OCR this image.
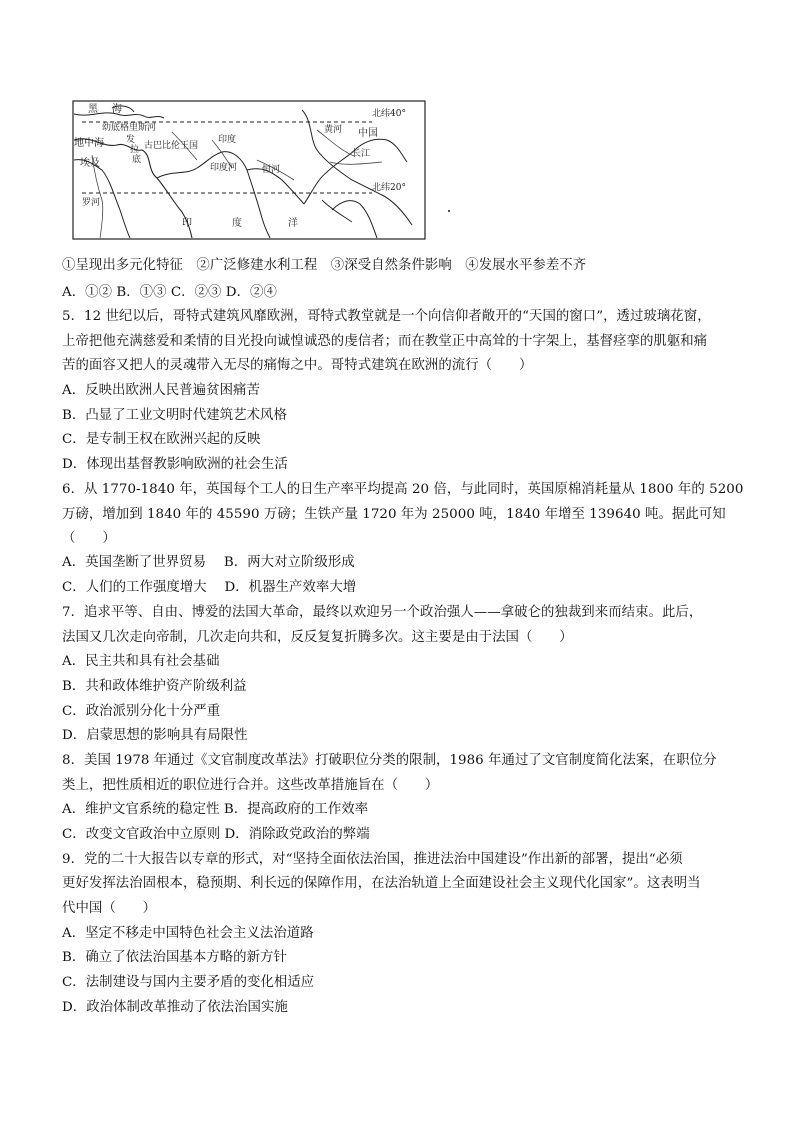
黑 海
幼底格里斯河
地中海 发
拉
底
古巴比伦王国
埃及
罗河
印度
印度河	恒河
黄河 中国
长江
印	度	洋
北纬40°
北纬20°
①呈现出多元化特征　②广泛修建水利工程　③深受自然条件影响　④发展水平参差不齐
A．①② B．①③ C．②③ D．②④
5．12 世纪以后，哥特式建筑风靡欧洲，哥特式教堂就是一个向信仰者敞开的“天国的窗口”，透过玻璃花窗，
上帝把他充满慈爱和柔情的目光投向诚惶诚恐的虔信者；而在教堂正中高耸的十字架上，基督痉挛的肌躯和痛
苦的面容又把人的灵魂带入无尽的痛悔之中。哥特式建筑在欧洲的流行（　　）
A．反映出欧洲人民普遍贫困痛苦
B．凸显了工业文明时代建筑艺术风格
C．是专制王权在欧洲兴起的反映
D．体现出基督教影响欧洲的社会生活
6．从 1770-1840 年，英国每个工人的日生产率平均提高 20 倍，与此同时，英国原棉消耗量从 1800 年的 5200
万磅，增加到 1840 年的 45590 万磅；生铁产量 1720 年为 25000 吨，1840 年增至 139640 吨。据此可知
（　　）
A．英国垄断了世界贸易　 B．两大对立阶级形成
C．人们的工作强度增大　 D．机器生产效率大增
7．追求平等、自由、博爱的法国大革命，最终以欢迎另一个政治强人——拿破仑的独裁到来而结束。此后，
法国又几次走向帝制，几次走向共和，反反复复折腾多次。这主要是由于法国（　　）
A．民主共和具有社会基础
B．共和政体维护资产阶级利益
C．政治派别分化十分严重
D．启蒙思想的影响具有局限性
8．美国 1978 年通过《文官制度改革法》打破职位分类的限制，1986 年通过了文官制度简化法案，在职位分
类上，把性质相近的职位进行合并。这些改革措施旨在（　　）
A．维护文官系统的稳定性 B．提高政府的工作效率
C．改变文官政治中立原则 D．消除政党政治的弊端
9．党的二十大报告以专章的形式，对“坚持全面依法治国，推进法治中国建设”作出新的部署，提出“必须
更好发挥法治固根本，稳预期、利长远的保障作用，在法治轨道上全面建设社会主义现代化国家”。这表明当
代中国（　　）
A．坚定不移走中国特色社会主义法治道路
B．确立了依法治国基本方略的新方针
C．法制建设与国内主要矛盾的变化相适应
D．政治体制改革推动了依法治国实施
